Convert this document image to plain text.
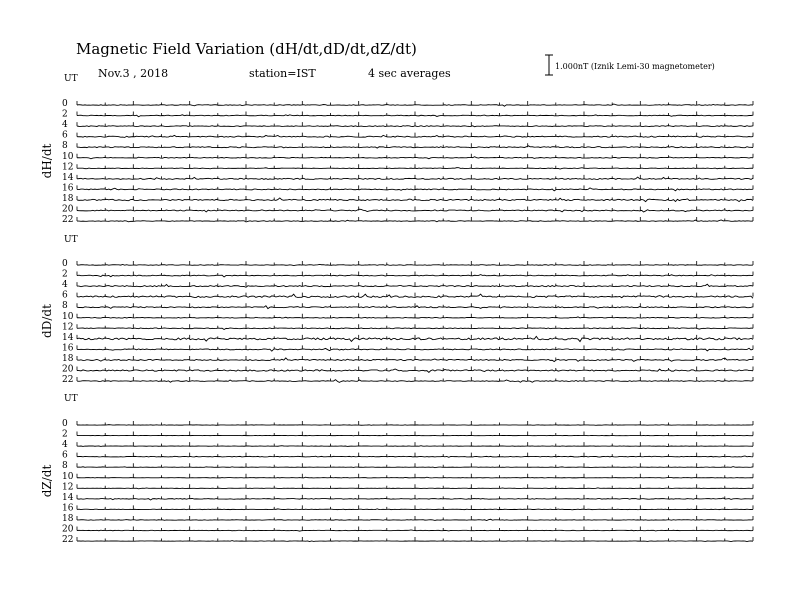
Magnetic Field Variation (dH/dt,dD/dt,dZ/dt)
Nov.3 , 2018	station=IST	4 sec averages
1.000nT (Iznik Lemi-30 magnetometer)
UT
dH/dt
0
2
4
6
8
10
12
14
16
18
20
22
UT
dD/dt
0
2
4
6
8
10
12
14
16
18
20
22
UT
dZ/dt
0
2
4
6
8
10
12
14
16
18
20
22
